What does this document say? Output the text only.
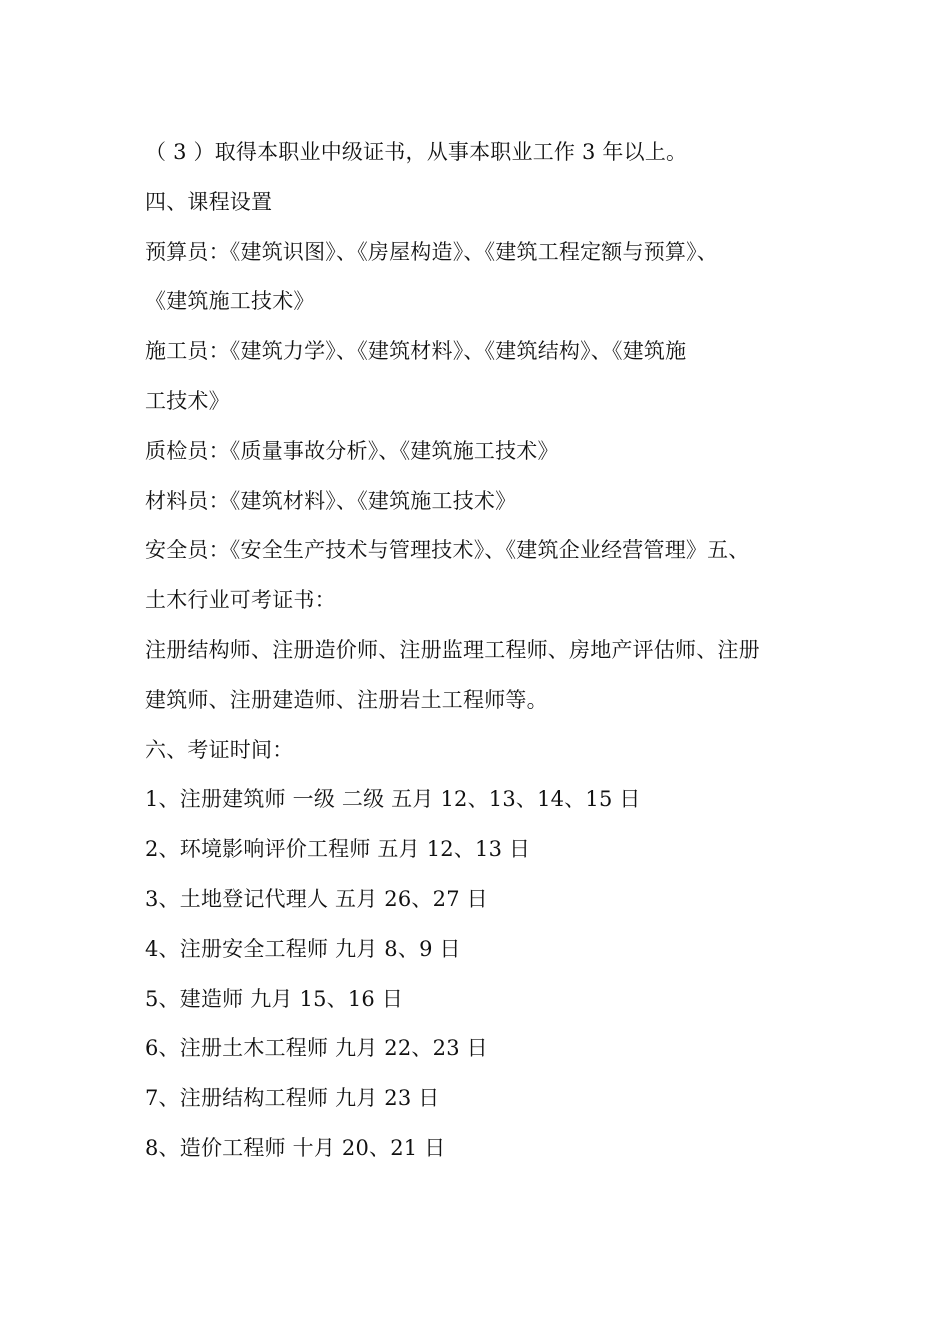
（ 3 ）取得本职业中级证书，从事本职业工作 3 年以上。
四、课程设置
预算员：《建筑识图》、《房屋构造》、《建筑工程定额与预算》、
《建筑施工技术》
施工员：《建筑力学》、《建筑材料》、《建筑结构》、《建筑施
工技术》
质检员：《质量事故分析》、《建筑施工技术》
材料员：《建筑材料》、《建筑施工技术》
安全员：《安全生产技术与管理技术》、《建筑企业经营管理》五、
土木行业可考证书：
注册结构师、注册造价师、注册监理工程师、房地产评估师、注册
建筑师、注册建造师、注册岩土工程师等。
六、考证时间：
1、注册建筑师 一级 二级 五月 12、13、14、15 日
2、环境影响评价工程师 五月 12、13 日
3、土地登记代理人 五月 26、27 日
4、注册安全工程师 九月 8、9 日
5、建造师 九月 15、16 日
6、注册土木工程师 九月 22、23 日
7、注册结构工程师 九月 23 日
8、造价工程师 十月 20、21 日
